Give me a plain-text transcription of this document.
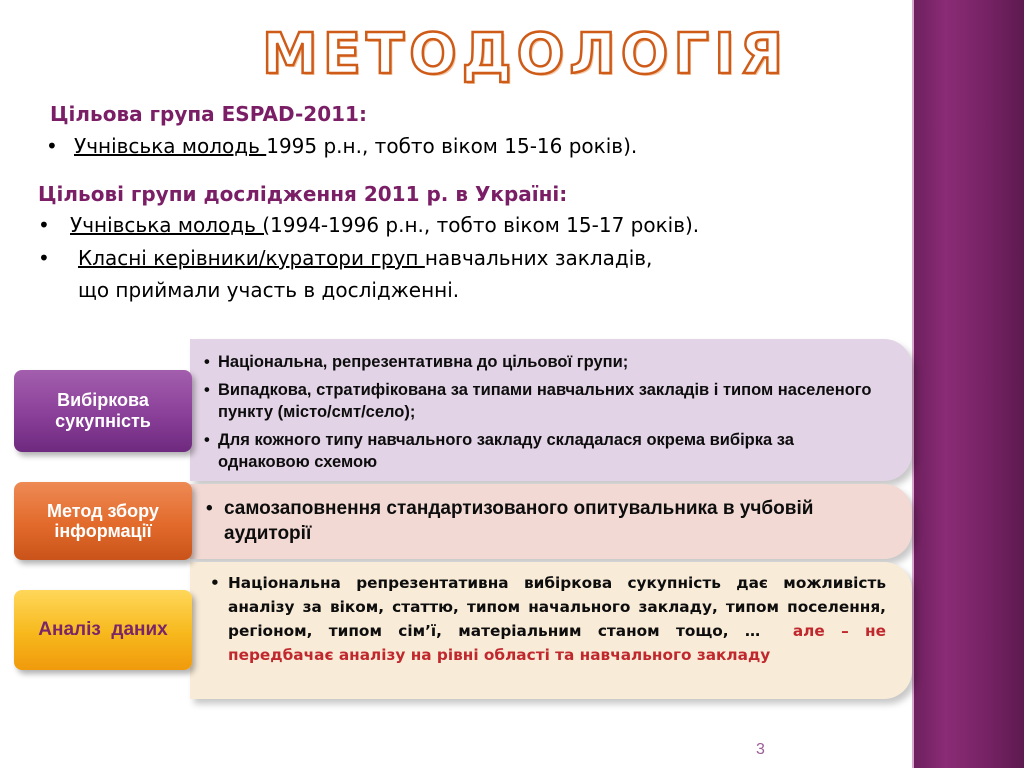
МЕТОДОЛОГІЯ
Цільова група ESPAD-2011:
• Учнівська молодь 1995 р.н., тобто віком 15-16 років).
Цільові групи дослідження 2011 р. в Україні:
• Учнівська молодь (1994-1996 р.н., тобто віком 15-17 років).
• Класні керівники/куратори груп навчальних закладів,
що приймали участь в дослідженні.
• Національна, репрезентативна до цільової групи;
• Випадкова, стратифікована за типами навчальних закладів і типом населеного пункту (місто/смт/село);
• Для кожного типу навчального закладу складалася окрема вибірка за однаковою схемою
• самозаповнення стандартизованого опитувальника в учбовій аудиторії
• Національна репрезентативна вибіркова сукупність дає можливість аналізу за віком, статтю, типом начального закладу, типом поселення, регіоном, типом сім’ї, матеріальним станом тощо, … але – не передбачає аналізу на рівні області та навчального закладу
Вибіркова сукупність
Метод збору інформації
Аналіз  даних
3
